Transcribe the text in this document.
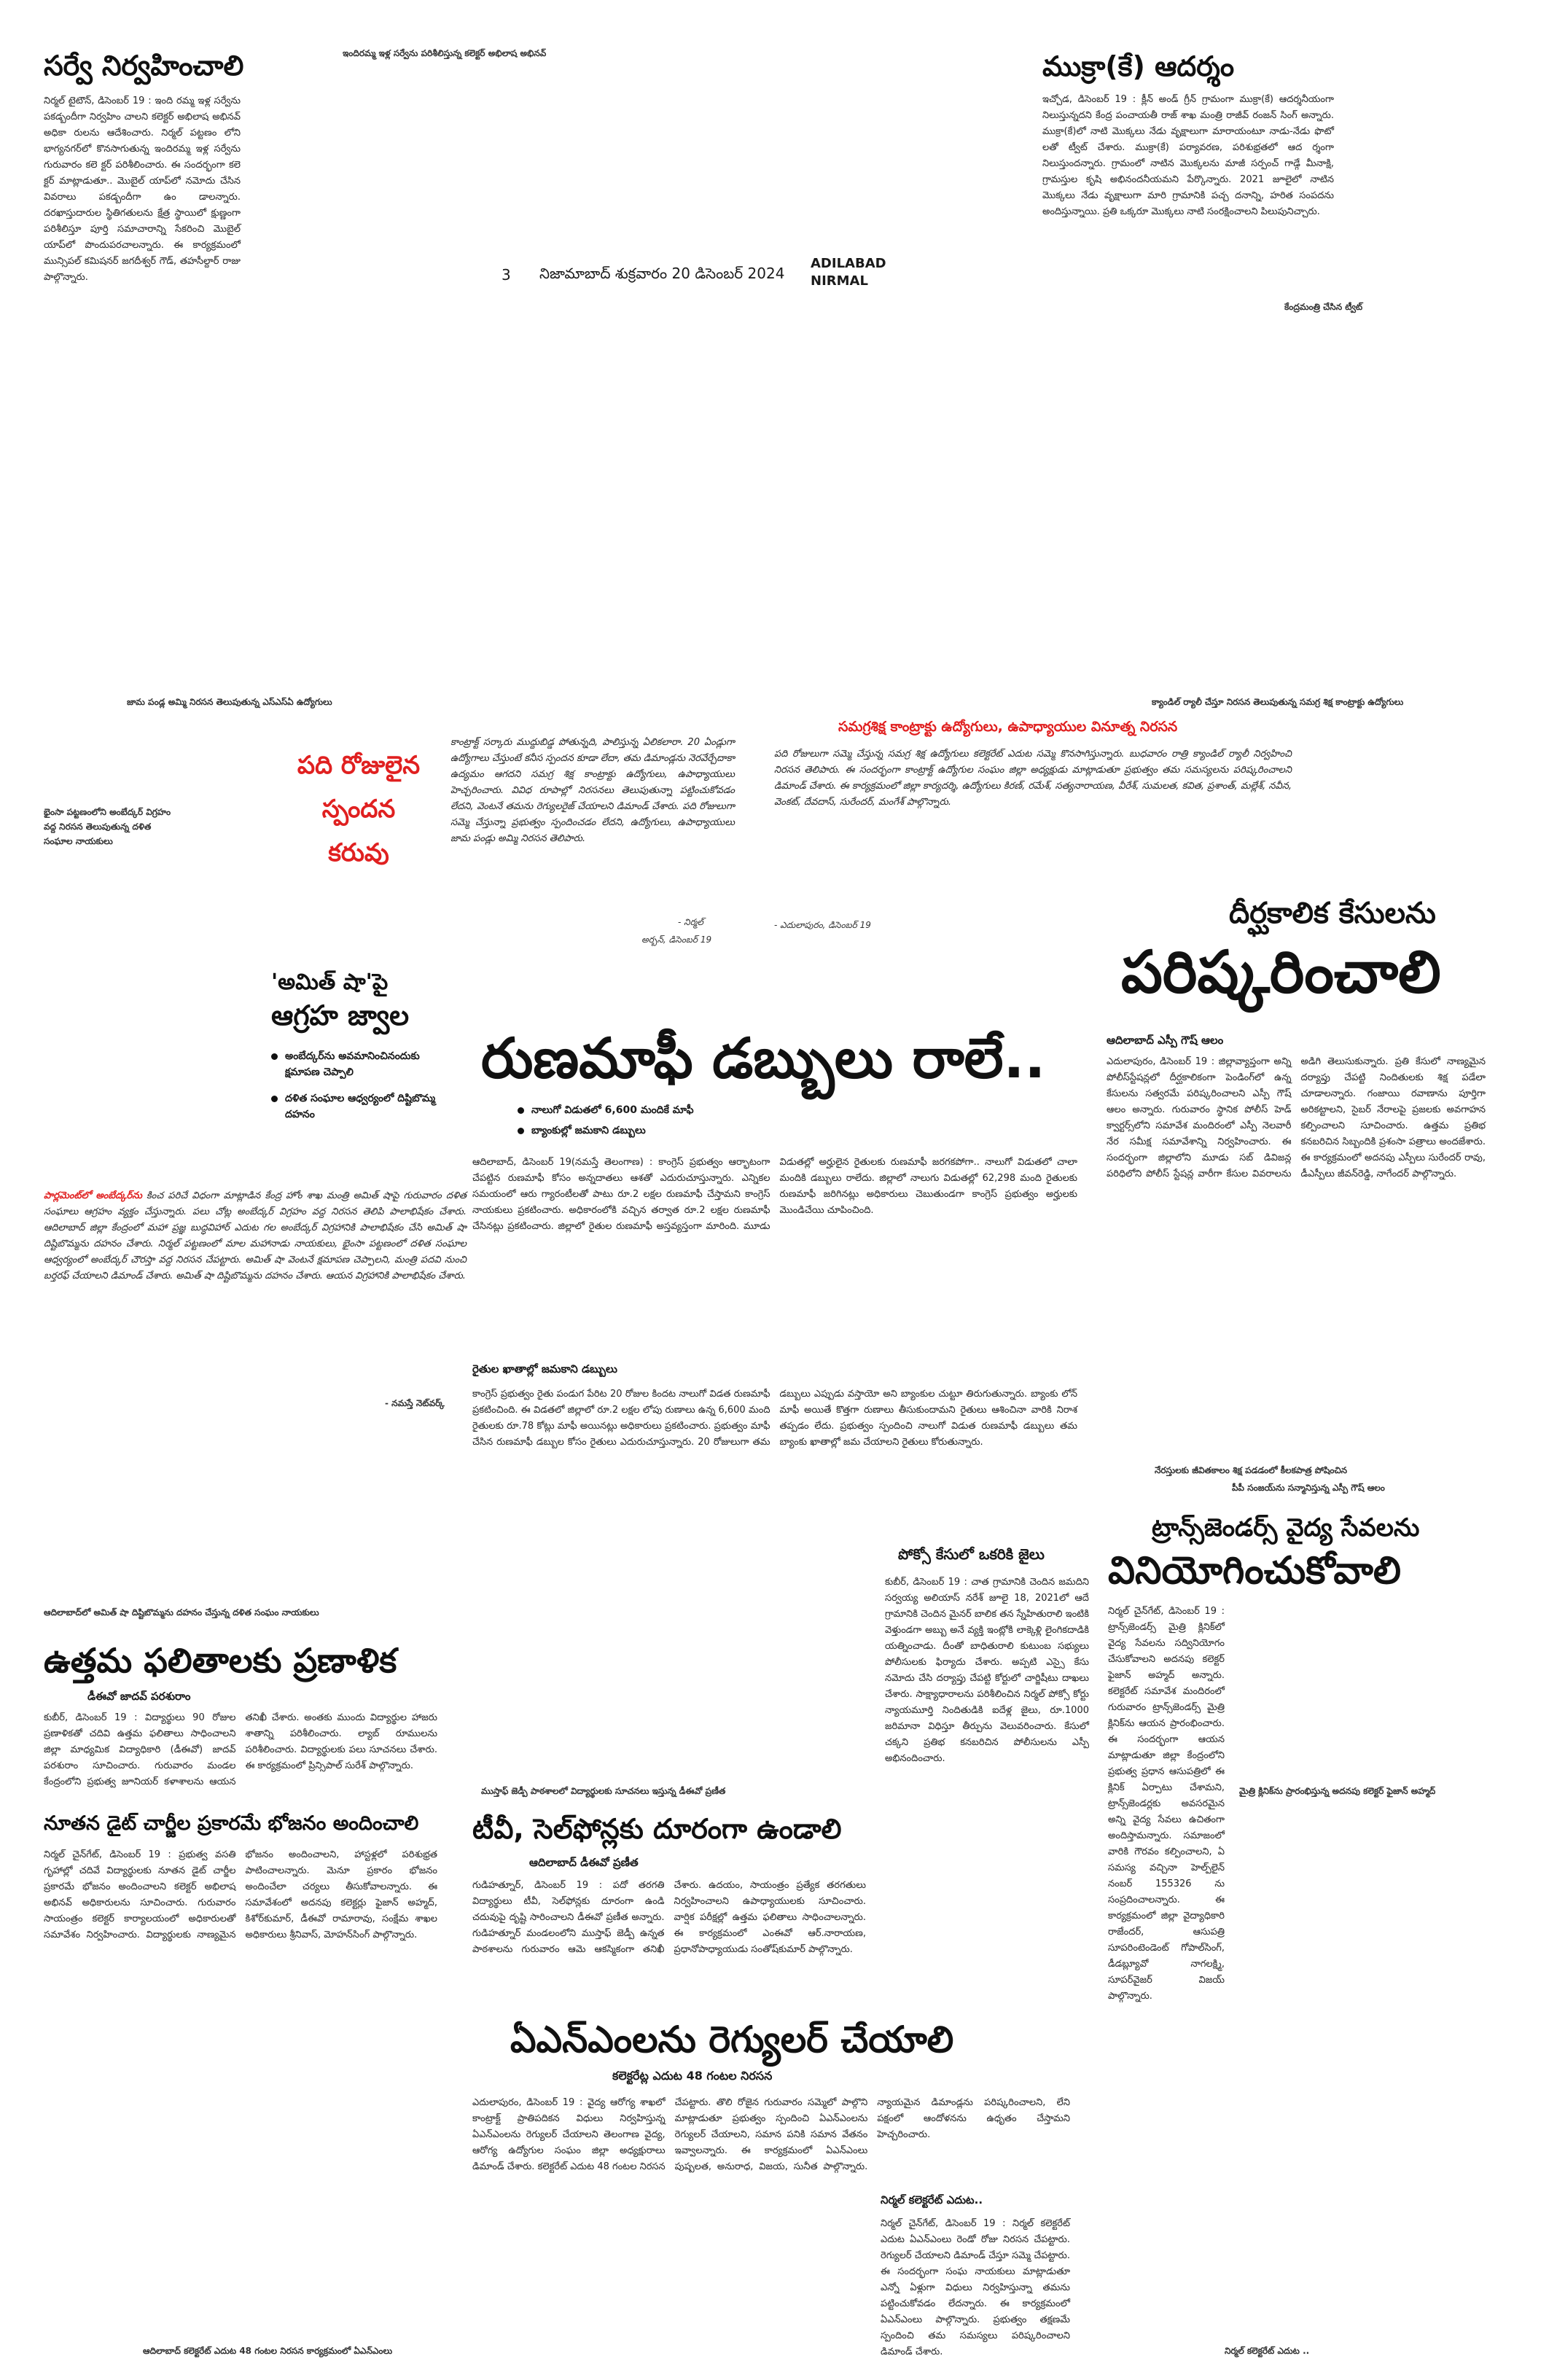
సర్వే నిర్వహించాలి
నిర్మల్ టైటౌన్, డిసెంబర్ 19 : ఇంది రమ్మ ఇళ్ల సర్వేను పకడ్బందీగా నిర్వహిం చాలని కలెక్టర్ అభిలాష అభినవ్ అధికా రులను ఆదేశించారు. నిర్మల్ పట్టణం లోని భాగ్యనగర్‌లో కొనసాగుతున్న ఇందిరమ్మ ఇళ్ల సర్వేను గురువారం కలె క్టర్ పరిశీలించారు. ఈ సందర్భంగా కలె క్టర్ మాట్లాడుతూ.. మొబైల్ యాప్‌లో నమోదు చేసిన వివరాలు పకడ్బందీగా ఉం డాలన్నారు. దరఖాస్తుదారుల స్థితిగతులను క్షేత్ర స్థాయిలో క్షుణ్ణంగా పరిశీలిస్తూ పూర్తి సమాచారాన్ని సేకరించి మొబైల్ యాప్‌లో పొందుపరచాలన్నారు. ఈ కార్యక్రమంలో మున్సిపల్ కమిషనర్ జగదీశ్వర్ గౌడ్, తహసీల్దార్ రాజు పాల్గొన్నారు.
ఇందిరమ్మ ఇళ్ల సర్వేను పరిశీలిస్తున్న కలెక్టర్ అభిలాష అభినవ్
3 నిజామాబాద్ శుక్రవారం 20 డిసెంబర్ 2024
ADILABAD
NIRMAL
ముక్రా(కే) ఆదర్శం
ఇచ్చోడ, డిసెంబర్ 19 : క్లీన్ అండ్ గ్రీన్ గ్రామంగా ముక్రా(కే) ఆదర్శనీయంగా నిలుస్తున్నదని కేంద్ర పంచాయతీ రాజ్ శాఖ మంత్రి రాజీవ్ రంజన్ సింగ్ అన్నారు. ముక్రా(కే)లో నాటి మొక్కలు నేడు వృక్షాలుగా మారాయంటూ నాడు-నేడు ఫొటో లతో ట్వీట్ చేశారు. ముక్రా(కే) పర్యావరణ, పరిశుభ్రతలో ఆద ర్శంగా నిలుస్తుందన్నారు. గ్రామంలో నాటిన మొక్కలను మాజీ సర్పంచ్ గాడ్గే మీనాక్షి, గ్రామస్తుల కృషి అభినందనీయమని పేర్కొన్నారు. 2021 జూలైలో నాటిన మొక్కలు నేడు వృక్షాలుగా మారి గ్రామానికి పచ్చ దనాన్ని, హరిత సంపదను అందిస్తున్నాయి. ప్రతి ఒక్కరూ మొక్కలు నాటి సంరక్షించాలని పిలుపునిచ్చారు.
కేంద్రమంత్రి చేసిన ట్వీట్
జామ పండ్ల అమ్మి నిరసన తెలుపుతున్న ఎస్ఎస్ఏ ఉద్యోగులు	క్యాండిల్ ర్యాలీ చేస్తూ నిరసన తెలుపుతున్న సమగ్ర శిక్ష కాంట్రాక్టు ఉద్యోగులు
భైంసా పట్టణంలోని అంబేద్కర్ విగ్రహం వద్ద నిరసన తెలుపుతున్న దళిత సంఘాల నాయకులు
పది రోజులైన
స్పందన
కరువు
కాంట్రాక్ట్ సర్కారు ముద్దుబిడ్డ పోతున్నది, పాలిస్తున్న ఏలికలారా. 20 ఏండ్లుగా ఉద్యోగాలు చేస్తుంటే కనీస స్పందన కూడా లేదా, తమ డిమాండ్లను నెరవేర్చేదాకా ఉద్యమం ఆగదని సమగ్ర శిక్ష కాంట్రాక్టు ఉద్యోగులు, ఉపాధ్యాయులు హెచ్చరించారు. వివిధ రూపాల్లో నిరసనలు తెలుపుతున్నా పట్టించుకోవడం లేదని, వెంటనే తమను రెగ్యులరైజ్ చేయాలని డిమాండ్ చేశారు. పది రోజులుగా సమ్మె చేస్తున్నా ప్రభుత్వం స్పందించడం లేదని, ఉద్యోగులు, ఉపాధ్యాయులు జామ పండ్లు అమ్మి నిరసన తెలిపారు.
- నిర్మల్
అర్బన్, డిసెంబర్ 19
సమగ్రశిక్ష కాంట్రాక్టు ఉద్యోగులు, ఉపాధ్యాయుల వినూత్న నిరసన
పది రోజులుగా సమ్మె చేస్తున్న సమగ్ర శిక్ష ఉద్యోగులు కలెక్టరేట్ ఎదుట సమ్మె కొనసాగిస్తున్నారు. బుధవారం రాత్రి క్యాండిల్ ర్యాలీ నిర్వహించి నిరసన తెలిపారు. ఈ సందర్భంగా కాంట్రాక్ట్ ఉద్యోగుల సంఘం జిల్లా అధ్యక్షుడు మాట్లాడుతూ ప్రభుత్వం తమ సమస్యలను పరిష్కరించాలని డిమాండ్ చేశారు. ఈ కార్యక్రమంలో జిల్లా కార్యదర్శి, ఉద్యోగులు కిరణ్, రమేశ్, సత్యనారాయణ, వీరేశ్, సుమలత, కవిత, ప్రశాంత్, మల్లేశ్, నవీన, వెంకట్, దేవదాస్, సురేందర్, మంగేశ్ పాల్గొన్నారు.
- ఎదులాపురం, డిసెంబర్ 19	దీర్ఘకాలిక కేసులను
పరిష్కరించాలి
ఆదిలాబాద్ ఎస్పీ గౌష్ ఆలం
ఎదులాపురం, డిసెంబర్ 19 : జిల్లావ్యాప్తంగా అన్ని పోలీస్‌స్టేషన్లలో దీర్ఘకాలికంగా పెండింగ్‌లో ఉన్న కేసులను సత్వరమే పరిష్కరించాలని ఎస్పీ గౌష్ ఆలం అన్నారు. గురువారం స్థానిక పోలీస్ హెడ్ క్వార్టర్స్‌లోని సమావేశ మందిరంలో ఎస్పీ నెలవారీ నేర సమీక్ష సమావేశాన్ని నిర్వహించారు. ఈ సందర్భంగా జిల్లాలోని మూడు సబ్ డివిజన్ల పరిధిలోని పోలీస్ స్టేషన్ల వారీగా కేసుల వివరాలను అడిగి తెలుసుకున్నారు. ప్రతి కేసులో నాణ్యమైన దర్యాప్తు చేపట్టి నిందితులకు శిక్ష పడేలా చూడాలన్నారు. గంజాయి రవాణాను పూర్తిగా అరికట్టాలని, సైబర్ నేరాలపై ప్రజలకు అవగాహన కల్పించాలని సూచించారు. ఉత్తమ ప్రతిభ కనబరిచిన సిబ్బందికి ప్రశంసా పత్రాలు అందజేశారు. ఈ కార్యక్రమంలో అదనపు ఎస్పీలు సురేందర్ రావు, డీఎస్పీలు జీవన్‌రెడ్డి, నాగేందర్ పాల్గొన్నారు.
'అమిత్ షా'పై
ఆగ్రహ జ్వాల
అంబేద్కర్‌ను అవమానించినందుకు క్షమాపణ చెప్పాలి
దళిత సంఘాల ఆధ్వర్యంలో దిష్టిబొమ్మ దహనం
పార్లమెంట్‌లో అంబేద్కర్‌ను కించ పరిచే విధంగా మాట్లాడిన కేంద్ర హోం శాఖ మంత్రి అమిత్ షాపై గురువారం దళిత సంఘాలు ఆగ్రహం వ్యక్తం చేస్తున్నారు. పలు చోట్ల అంబేద్కర్ విగ్రహం వద్ద నిరసన తెలిపి పాలాభిషేకం చేశారు. ఆదిలాబాద్ జిల్లా కేంద్రంలో మహా ప్రజ్ఞ బుద్ధవిహార్ ఎదుట గల అంబేద్కర్ విగ్రహానికి పాలాభిషేకం చేసి అమిత్ షా దిష్టిబొమ్మను దహనం చేశారు. నిర్మల్ పట్టణంలో మాల మహానాడు నాయకులు, భైంసా పట్టణంలో దళిత సంఘాల ఆధ్వర్యంలో అంబేద్కర్ చౌరస్తా వద్ద నిరసన చేపట్టారు. అమిత్ షా వెంటనే క్షమాపణ చెప్పాలని, మంత్రి పదవి నుంచి బర్తరఫ్ చేయాలని డిమాండ్ చేశారు. అమిత్ షా దిష్టిబొమ్మను దహనం చేశారు. ఆయన విగ్రహానికి పాలాభిషేకం చేశారు.
- నమస్తే నెట్‌వర్క్
రుణమాఫీ డబ్బులు రాలే..
నాలుగో విడుతలో 6,600 మందికే మాఫీ
బ్యాంకుల్లో జమకాని డబ్బులు
ఆదిలాబాద్, డిసెంబర్ 19(నమస్తే తెలంగాణ) : కాంగ్రెస్ ప్రభుత్వం ఆర్భాటంగా చేపట్టిన రుణమాఫీ కోసం అన్నదాతలు ఆశతో ఎదురుచూస్తున్నారు. ఎన్నికల సమయంలో ఆరు గ్యారంటీలతో పాటు రూ.2 లక్షల రుణమాఫీ చేస్తామని కాంగ్రెస్ నాయకులు ప్రకటించారు. అధికారంలోకి వచ్చిన తర్వాత రూ.2 లక్షల రుణమాఫీ చేసినట్లు ప్రకటించారు. జిల్లాలో రైతుల రుణమాఫీ అస్తవ్యస్తంగా మారింది. మూడు విడుతల్లో అర్హులైన రైతులకు రుణమాఫీ జరగకపోగా.. నాలుగో విడుతలో చాలా మందికి డబ్బులు రాలేదు. జిల్లాలో నాలుగు విడుతల్లో 62,298 మంది రైతులకు రుణమాఫీ జరిగినట్లు అధికారులు చెబుతుండగా కాంగ్రెస్ ప్రభుత్వం అర్హులకు మొండిచేయి చూపించింది.
రైతుల ఖాతాల్లో జమకాని డబ్బులు
కాంగ్రెస్ ప్రభుత్వం రైతు పండుగ పేరిట 20 రోజుల కిందట నాలుగో విడత రుణమాఫీ ప్రకటించింది. ఈ విడతలో జిల్లాలో రూ.2 లక్షల లోపు రుణాలు ఉన్న 6,600 మంది రైతులకు రూ.78 కోట్లు మాఫీ అయినట్లు అధికారులు ప్రకటించారు. ప్రభుత్వం మాఫీ చేసిన రుణమాఫీ డబ్బుల కోసం రైతులు ఎదురుచూస్తున్నారు. 20 రోజులుగా తమ డబ్బులు ఎప్పుడు వస్తాయో అని బ్యాంకుల చుట్టూ తిరుగుతున్నారు. బ్యాంకు లోన్ మాఫీ అయితే కొత్తగా రుణాలు తీసుకుందామని రైతులు ఆశించినా వారికి నిరాశ తప్పడం లేదు. ప్రభుత్వం స్పందించి నాలుగో విడుత రుణమాఫీ డబ్బులు తమ బ్యాంకు ఖాతాల్లో జమ చేయాలని రైతులు కోరుతున్నారు.
పోక్సో కేసులో ఒకరికి జైలు
కుబీర్, డిసెంబర్ 19 : చాత గ్రామానికి చెందిన జమదిని సర్వయ్య అలియాస్ నరేశ్ జూలై 18, 2021లో ఆదే గ్రామానికి చెందిన మైనర్ బాలిక తన స్నేహితురాలి ఇంటికి వెళ్తుండగా అబ్బు అనే వ్యక్తి ఇంట్లోకి లాక్కెళ్లి లైంగికదాడికి యత్నించాడు. దీంతో బాధితురాలి కుటుంబ సభ్యులు పోలీసులకు ఫిర్యాదు చేశారు. అప్పటి ఎస్సై కేసు నమోదు చేసి దర్యాప్తు చేపట్టి కోర్టులో చార్జిషీటు దాఖలు చేశారు. సాక్ష్యాధారాలను పరిశీలించిన నిర్మల్ పోక్సో కోర్టు న్యాయమూర్తి నిందితుడికి ఐదేళ్ల జైలు, రూ.1000 జరిమానా విధిస్తూ తీర్పును వెలువరించారు. కేసులో చక్కని ప్రతిభ కనబరిచిన పోలీసులను ఎస్పీ అభినందించారు.
నేరస్తులకు జీవితకాలం శిక్ష పడడంలో కీలకపాత్ర పోషించిన
పీపీ సంజయ్‌ను సన్మానిస్తున్న ఎస్పీ గౌష్ ఆలం
ట్రాన్స్‌జెండర్స్ వైద్య సేవలను
వినియోగించుకోవాలి
నిర్మల్ చైన్‌గేట్, డిసెంబర్ 19 : ట్రాన్స్‌జెండర్స్ మైత్రి క్లినిక్‌లో వైద్య సేవలను సద్వినియోగం చేసుకోవాలని అదనపు కలెక్టర్ ఫైజాన్ అహ్మద్ అన్నారు. కలెక్టరేట్ సమావేశ మందిరంలో గురువారం ట్రాన్స్‌జెండర్స్ మైత్రి క్లినిక్‌ను ఆయన ప్రారంభించారు. ఈ సందర్భంగా ఆయన మాట్లాడుతూ జిల్లా కేంద్రంలోని ప్రభుత్వ ప్రధాన ఆసుపత్రిలో ఈ క్లినిక్ ఏర్పాటు చేశామని, ట్రాన్స్‌జెండర్లకు అవసరమైన అన్ని వైద్య సేవలు ఉచితంగా అందిస్తామన్నారు. సమాజంలో వారికి గౌరవం కల్పించాలని, ఏ సమస్య వచ్చినా హెల్ప్‌లైన్ నంబర్ 155326 ను సంప్రదించాలన్నారు. ఈ కార్యక్రమంలో జిల్లా వైద్యాధికారి రాజేందర్, ఆసుపత్రి సూపరింటెండెంట్ గోపాల్‌సింగ్, డీడబ్ల్యూవో నాగలక్ష్మి, సూపర్‌వైజర్ విజయ్ పాల్గొన్నారు.
మైత్రి క్లినిక్‌ను ప్రారంభిస్తున్న అదనపు కలెక్టర్ ఫైజాన్ అహ్మద్
ఆదిలాబాద్‌లో అమిత్ షా దిష్టిబొమ్మను దహనం చేస్తున్న దళిత సంఘం నాయకులు
ఉత్తమ ఫలితాలకు ప్రణాళిక
డీఈవో జాదవ్ పరశురాం
కుబీర్, డిసెంబర్ 19 : విద్యార్థులు 90 రోజుల ప్రణాళికతో చదివి ఉత్తమ ఫలితాలు సాధించాలని జిల్లా మాధ్యమిక విద్యాధికారి (డీఈవో) జాదవ్ పరశురాం సూచించారు. గురువారం మండల కేంద్రంలోని ప్రభుత్వ జూనియర్ కళాశాలను ఆయన తనిఖీ చేశారు. అంతకు ముందు విద్యార్థుల హాజరు శాతాన్ని పరిశీలించారు. ల్యాబ్ రూములను పరిశీలించారు. విద్యార్థులకు పలు సూచనలు చేశారు. ఈ కార్యక్రమంలో ప్రిన్సిపాల్ సురేశ్ పాల్గొన్నారు.
నూతన డైట్ చార్జీల ప్రకారమే భోజనం అందించాలి
నిర్మల్ చైన్‌గేట్, డిసెంబర్ 19 : ప్రభుత్వ వసతి గృహాల్లో చదివే విద్యార్థులకు నూతన డైట్ చార్జీల ప్రకారమే భోజనం అందించాలని కలెక్టర్ అభిలాష అభినవ్ అధికారులను సూచించారు. గురువారం సాయంత్రం కలెక్టర్ కార్యాలయంలో అధికారులతో సమావేశం నిర్వహించారు. విద్యార్థులకు నాణ్యమైన భోజనం అందించాలని, హాస్టళ్లలో పరిశుభ్రత పాటించాలన్నారు. మెనూ ప్రకారం భోజనం అందించేలా చర్యలు తీసుకోవాలన్నారు. ఈ సమావేశంలో అదనపు కలెక్టర్లు ఫైజాన్ అహ్మద్, కిశోర్‌కుమార్, డీఈవో రామారావు, సంక్షేమ శాఖల అధికారులు శ్రీనివాస్, మోహన్‌సింగ్ పాల్గొన్నారు.
ముస్తాఫ్ జెడ్పీ పాఠశాలలో విద్యార్థులకు సూచనలు ఇస్తున్న డీఈవో ప్రణీత
టీవీ, సెల్‌ఫోన్లకు దూరంగా ఉండాలి
ఆదిలాబాద్ డీఈవో ప్రణీత
గుడిహత్నూర్, డిసెంబర్ 19 : పదో తరగతి విద్యార్థులు టీవీ, సెల్‌ఫోన్లకు దూరంగా ఉండి చదువుపై దృష్టి సారించాలని డీఈవో ప్రణీత అన్నారు. గుడిహత్నూర్ మండలంలోని ముస్తాఫ్ జెడ్పీ ఉన్నత పాఠశాలను గురువారం ఆమె ఆకస్మికంగా తనిఖీ చేశారు. ఉదయం, సాయంత్రం ప్రత్యేక తరగతులు నిర్వహించాలని ఉపాధ్యాయులకు సూచించారు. వార్షిక పరీక్షల్లో ఉత్తమ ఫలితాలు సాధించాలన్నారు. ఈ కార్యక్రమంలో ఎంఈవో ఆర్.నారాయణ, ప్రధానోపాధ్యాయుడు సంతోష్‌కుమార్ పాల్గొన్నారు.
ఏఎన్ఎంలను రెగ్యులర్ చేయాలి
కలెక్టరేట్ల ఎదుట 48 గంటల నిరసన
ఎదులాపురం, డిసెంబర్ 19 : వైద్య ఆరోగ్య శాఖలో కాంట్రాక్ట్ ప్రాతిపదికన విధులు నిర్వహిస్తున్న ఏఎన్ఎంలను రెగ్యులర్ చేయాలని తెలంగాణ వైద్య, ఆరోగ్య ఉద్యోగుల సంఘం జిల్లా అధ్యక్షురాలు డిమాండ్ చేశారు. కలెక్టరేట్ ఎదుట 48 గంటల నిరసన చేపట్టారు. తొలి రోజైన గురువారం సమ్మెలో పాల్గొని మాట్లాడుతూ ప్రభుత్వం స్పందించి ఏఎన్ఎంలను రెగ్యులర్ చేయాలని, సమాన పనికి సమాన వేతనం ఇవ్వాలన్నారు. ఈ కార్యక్రమంలో ఏఎన్ఎంలు పుష్పలత, అనురాధ, విజయ, సునీత పాల్గొన్నారు. న్యాయమైన డిమాండ్లను పరిష్కరించాలని, లేని పక్షంలో ఆందోళనను ఉధృతం చేస్తామని హెచ్చరించారు.
నిర్మల్ కలెక్టరేట్ ఎదుట..
నిర్మల్ చైన్‌గేట్, డిసెంబర్ 19 : నిర్మల్ కలెక్టరేట్ ఎదుట ఏఎన్ఎంలు రెండో రోజు నిరసన చేపట్టారు. రెగ్యులర్ చేయాలని డిమాండ్ చేస్తూ సమ్మె చేపట్టారు. ఈ సందర్భంగా సంఘ నాయకులు మాట్లాడుతూ ఎన్నో ఏళ్లుగా విధులు నిర్వహిస్తున్నా తమను పట్టించుకోవడం లేదన్నారు. ఈ కార్యక్రమంలో ఏఎన్ఎంలు పాల్గొన్నారు. ప్రభుత్వం తక్షణమే స్పందించి తమ సమస్యలు పరిష్కరించాలని డిమాండ్ చేశారు.
ఆదిలాబాద్ కలెక్టరేట్ ఎదుట 48 గంటల నిరసన కార్యక్రమంలో ఏఎన్ఎంలు	నిర్మల్ కలెక్టరేట్ ఎదుట ..
